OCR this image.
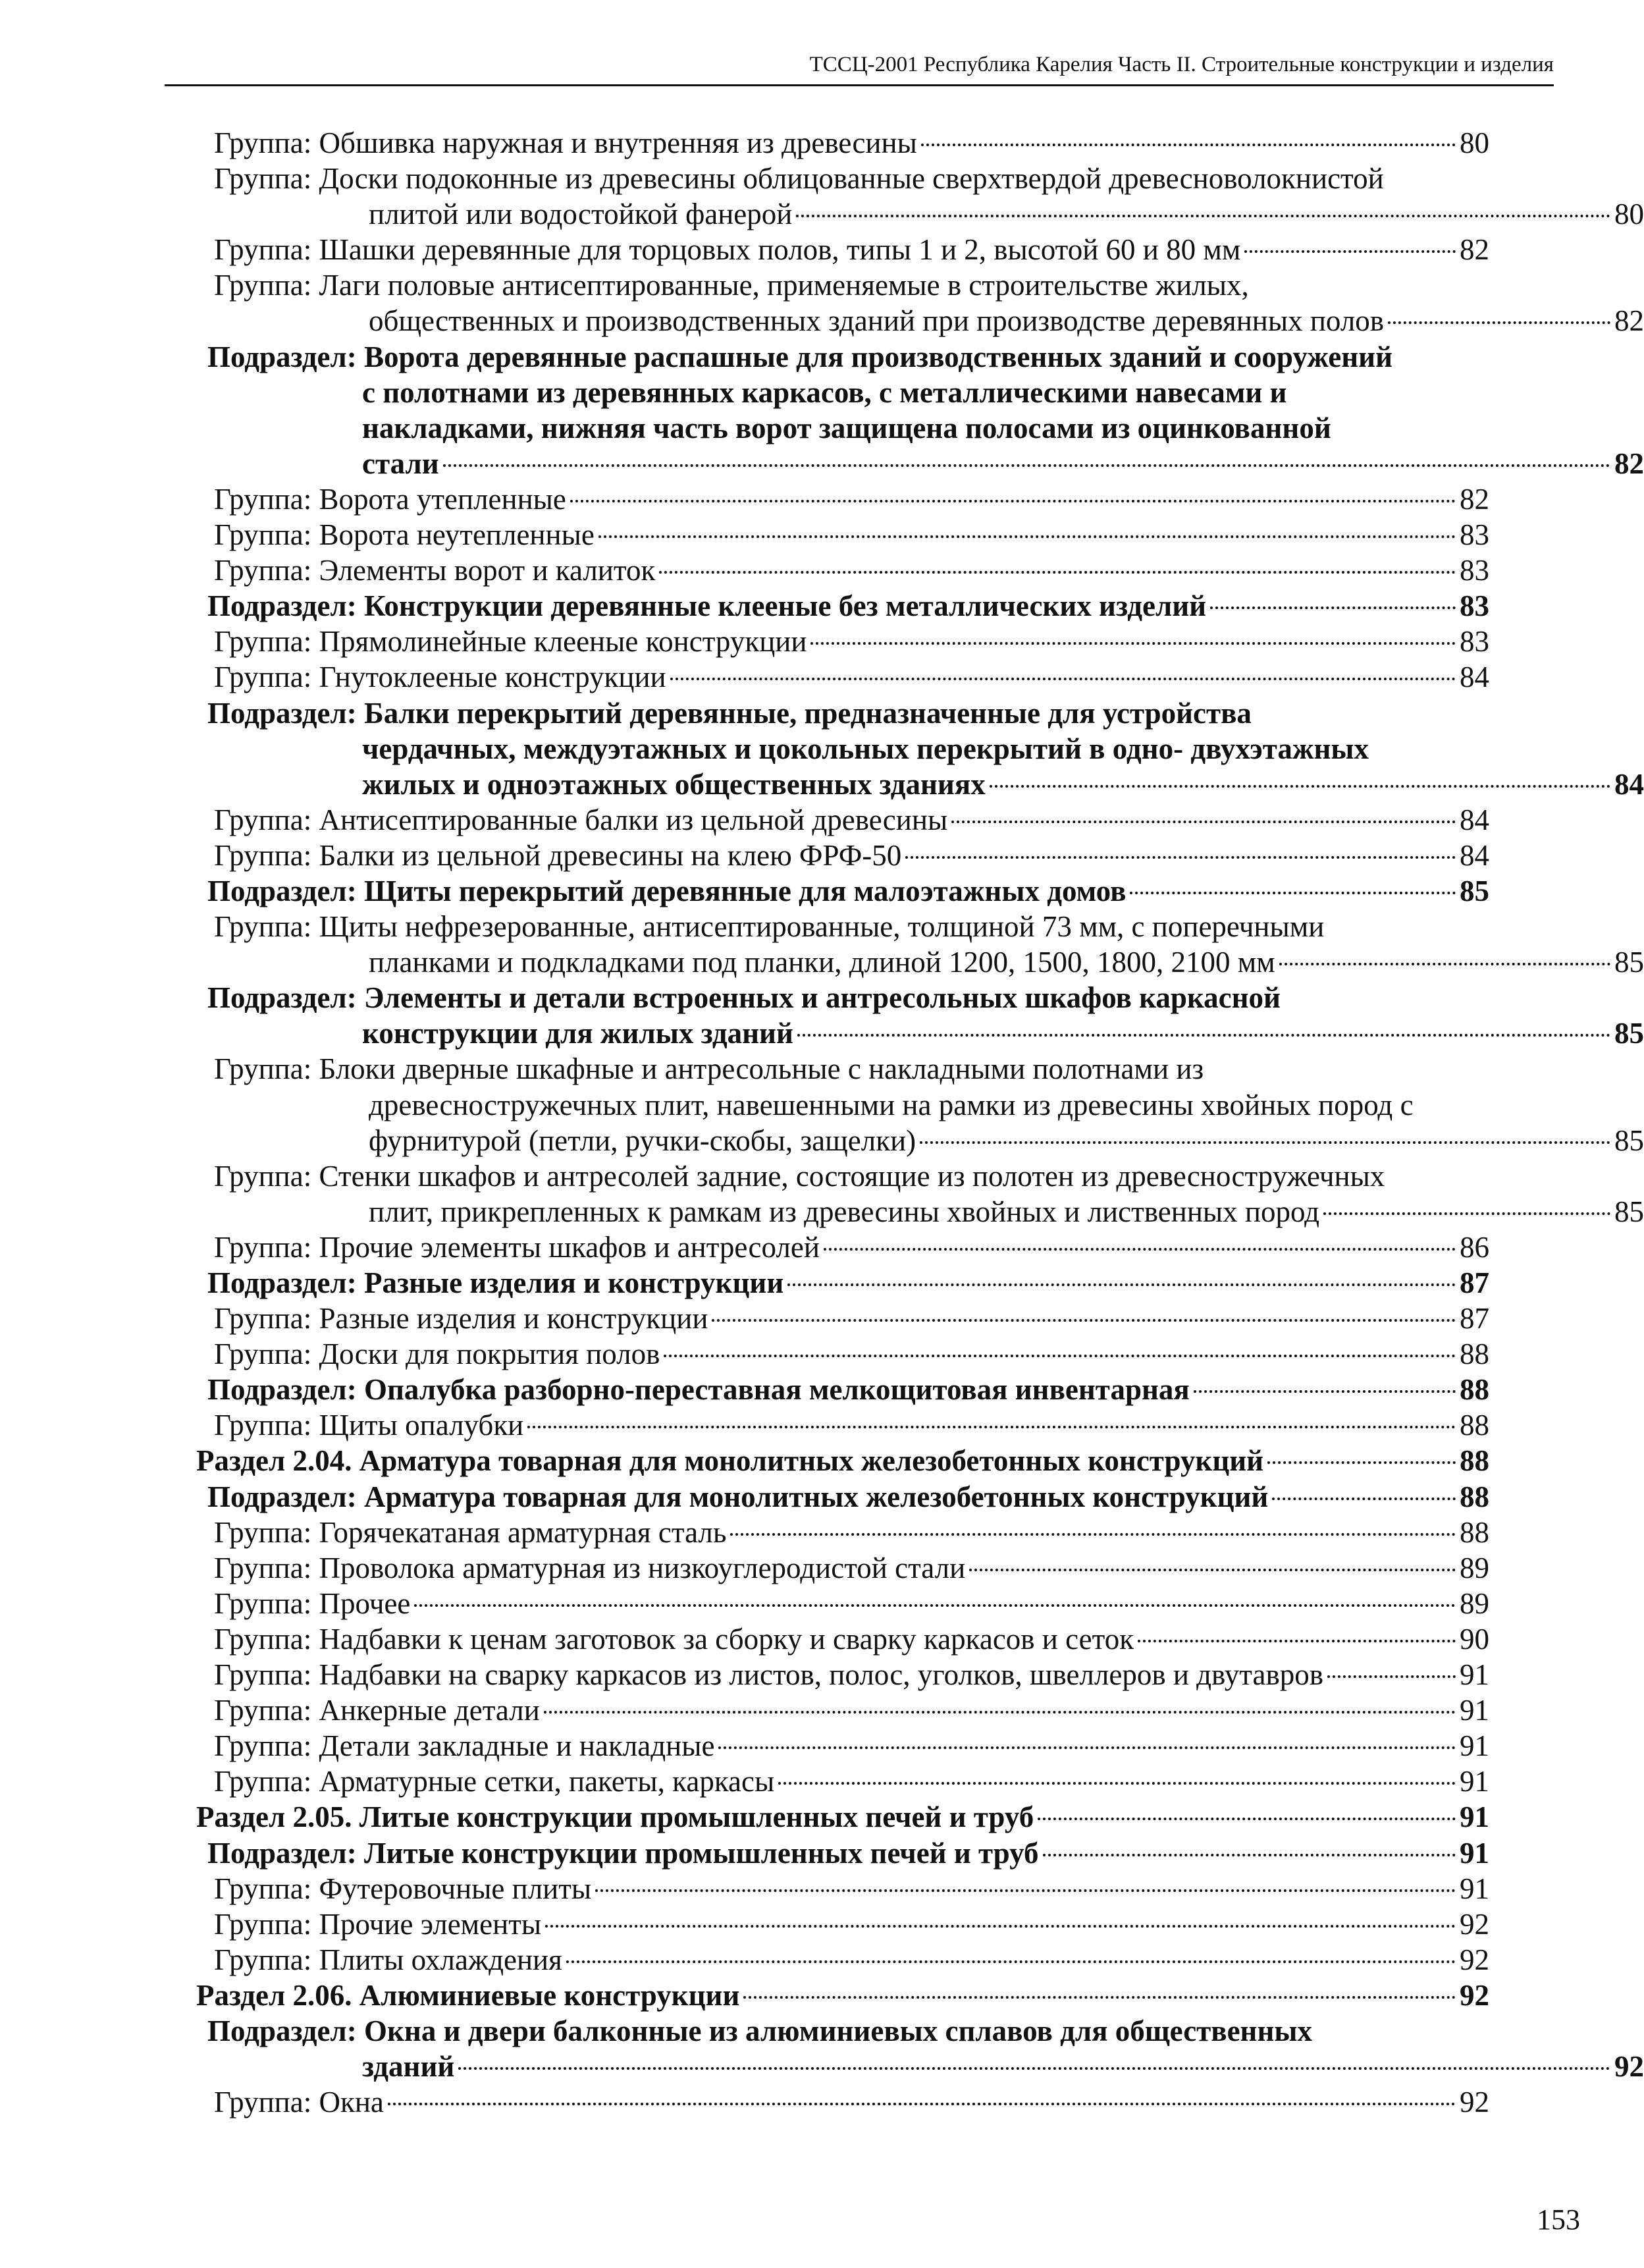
ТССЦ-2001 Республика Карелия Часть II. Строительные конструкции и изделия
Группа: Обшивка наружная и внутренняя из древесины	80
Группа: Доски подоконные из древесины облицованные сверхтвердой древесноволокнистой
плитой или водостойкой фанерой	80
Группа: Шашки деревянные для торцовых полов, типы 1 и 2, высотой 60 и 80 мм	82
Группа: Лаги половые антисептированные, применяемые в строительстве жилых,
общественных и производственных зданий при производстве деревянных полов	82
Подраздел: Ворота деревянные распашные для производственных зданий и сооружений
с полотнами из деревянных каркасов, с металлическими навесами и
накладками, нижняя часть ворот защищена полосами из оцинкованной
стали	82
Группа: Ворота утепленные	82
Группа: Ворота неутепленные	83
Группа: Элементы ворот и калиток	83
Подраздел: Конструкции деревянные клееные без металлических изделий	83
Группа: Прямолинейные клееные конструкции	83
Группа: Гнутоклееные конструкции	84
Подраздел: Балки перекрытий деревянные, предназначенные для устройства
чердачных, междуэтажных и цокольных перекрытий в одно- двухэтажных
жилых и одноэтажных общественных зданиях	84
Группа: Антисептированные балки из цельной древесины	84
Группа: Балки из цельной древесины на клею ФРФ-50	84
Подраздел: Щиты перекрытий деревянные для малоэтажных домов	85
Группа: Щиты нефрезерованные, антисептированные, толщиной 73 мм, с поперечными
планками и подкладками под планки, длиной 1200, 1500, 1800, 2100 мм	85
Подраздел: Элементы и детали встроенных и антресольных шкафов каркасной
конструкции для жилых зданий	85
Группа: Блоки дверные шкафные и антресольные с накладными полотнами из
древесностружечных плит, навешенными на рамки из древесины хвойных пород с
фурнитурой (петли, ручки-скобы, защелки)	85
Группа: Стенки шкафов и антресолей задние, состоящие из полотен из древесностружечных
плит, прикрепленных к рамкам из древесины хвойных и лиственных пород	85
Группа: Прочие элементы шкафов и антресолей	86
Подраздел: Разные изделия и конструкции	87
Группа: Разные изделия и конструкции	87
Группа: Доски для покрытия полов	88
Подраздел: Опалубка разборно-переставная мелкощитовая инвентарная	88
Группа: Щиты опалубки	88
Раздел 2.04. Арматура товарная для монолитных железобетонных конструкций	88
Подраздел: Арматура товарная для монолитных железобетонных конструкций	88
Группа: Горячекатаная арматурная сталь	88
Группа: Проволока арматурная из низкоуглеродистой стали	89
Группа: Прочее	89
Группа: Надбавки к ценам заготовок за сборку и сварку каркасов и сеток	90
Группа: Надбавки на сварку каркасов из листов, полос, уголков, швеллеров и двутавров	91
Группа: Анкерные детали	91
Группа: Детали закладные и накладные	91
Группа: Арматурные сетки, пакеты, каркасы	91
Раздел 2.05. Литые конструкции промышленных печей и труб	91
Подраздел: Литые конструкции промышленных печей и труб	91
Группа: Футеровочные плиты	91
Группа: Прочие элементы	92
Группа: Плиты охлаждения	92
Раздел 2.06. Алюминиевые конструкции	92
Подраздел: Окна и двери балконные из алюминиевых сплавов для общественных
зданий	92
Группа: Окна	92
153
